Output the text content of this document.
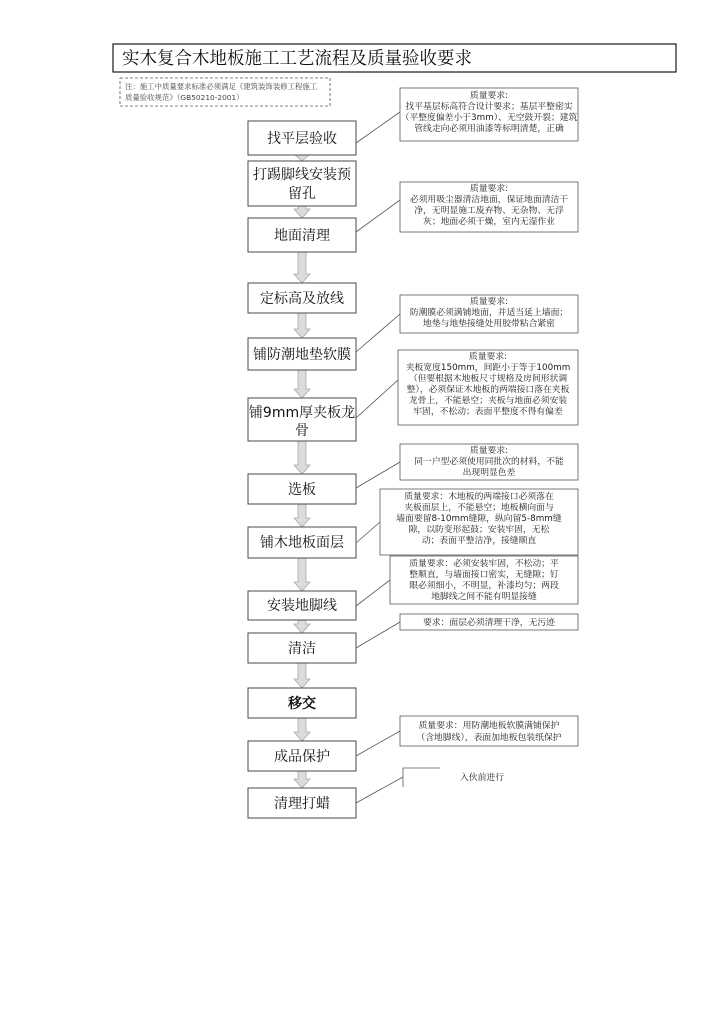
实木复合木地板施工工艺流程及质量验收要求
注：施工中质量要求标准必须满足《建筑装饰装修工程施工
质量验收规范》（GB50210-2001）
找平层验收
打踢脚线安装预
留孔
地面清理
定标高及放线
铺防潮地垫软膜
铺9mm厚夹板龙
骨
选板
铺木地板面层
安装地脚线
清洁
移交
成品保护
清理打蜡
质量要求:
找平基层标高符合设计要求；基层平整密实
（平整度偏差小于3mm）、无空鼓开裂；建筑
管线走向必须用油漆等标明清楚，正确
质量要求:
必须用吸尘器清洁地面，保证地面清洁干
净，无明显施工废弃物、无杂物、无浮
灰；地面必须干燥，室内无湿作业
质量要求:
防潮膜必须满铺地面，并适当延上墙面；
地垫与地垫接缝处用胶带粘合紧密
质量要求:
夹板宽度150mm，间距小于等于100mm
（但要根据木地板尺寸规格及房间形状调
整），必须保证木地板的两端接口落在夹板
龙骨上，不能悬空；夹板与地面必须安装
牢固，不松动；表面平整度不得有偏差
质量要求:
同一户型必须使用同批次的材料，不能
出现明显色差
质量要求：木地板的两端接口必须落在
夹板面层上，不能悬空；地板横向面与
墙面要留8-10mm缝隙，纵向留5-8mm缝
隙，以防变形起鼓；安装牢固，无松
动；表面平整洁净，接缝顺直
质量要求：必须安装牢固，不松动；平
整顺直，与墙面接口密实，无缝隙；钉
眼必须细小，不明显，补漆均匀；两段
地脚线之间不能有明显接缝
要求：面层必须清理干净，无污迹
质量要求：用防潮地板软膜满铺保护
（含地脚线），表面加地板包装纸保护
入伙前进行
